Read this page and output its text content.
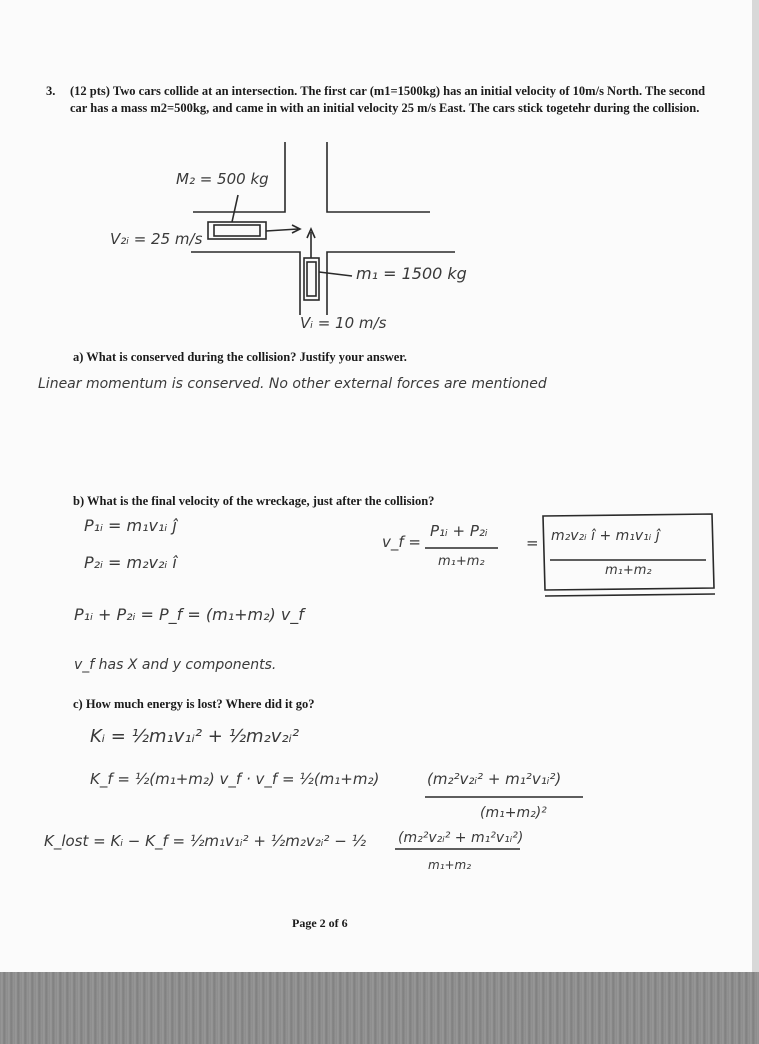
3. (12 pts) Two cars collide at an intersection. The first car (m1=1500kg) has an initial velocity of 10m/s North. The second car has a mass m2=500kg, and came in with an initial velocity 25 m/s East. The cars stick togetehr during the collision.
M₂ = 500 kg
V₂ᵢ = 25 m/s
m₁ = 1500 kg
Vᵢ = 10 m/s
a) What is conserved during the collision? Justify your answer.
Linear momentum is conserved. No other external forces are mentioned
b) What is the final velocity of the wreckage, just after the collision?
P₁ᵢ = m₁v₁ᵢ ĵ
P₂ᵢ = m₂v₂ᵢ î
v_f =
P₁ᵢ + P₂ᵢ
m₁+m₂
= m₂v₂ᵢ î + m₁v₁ᵢ ĵ
m₁+m₂
P₁ᵢ + P₂ᵢ = P_f = (m₁+m₂) v_f
v_f has X and y components.
c) How much energy is lost? Where did it go?
Kᵢ = ½m₁v₁ᵢ² + ½m₂v₂ᵢ²
K_f = ½(m₁+m₂) v_f · v_f = ½(m₁+m₂)	(m₂²v₂ᵢ² + m₁²v₁ᵢ²)
(m₁+m₂)²
K_lost = Kᵢ − K_f = ½m₁v₁ᵢ² + ½m₂v₂ᵢ² − ½ (m₂²v₂ᵢ² + m₁²v₁ᵢ²)
m₁+m₂
Page 2 of 6
